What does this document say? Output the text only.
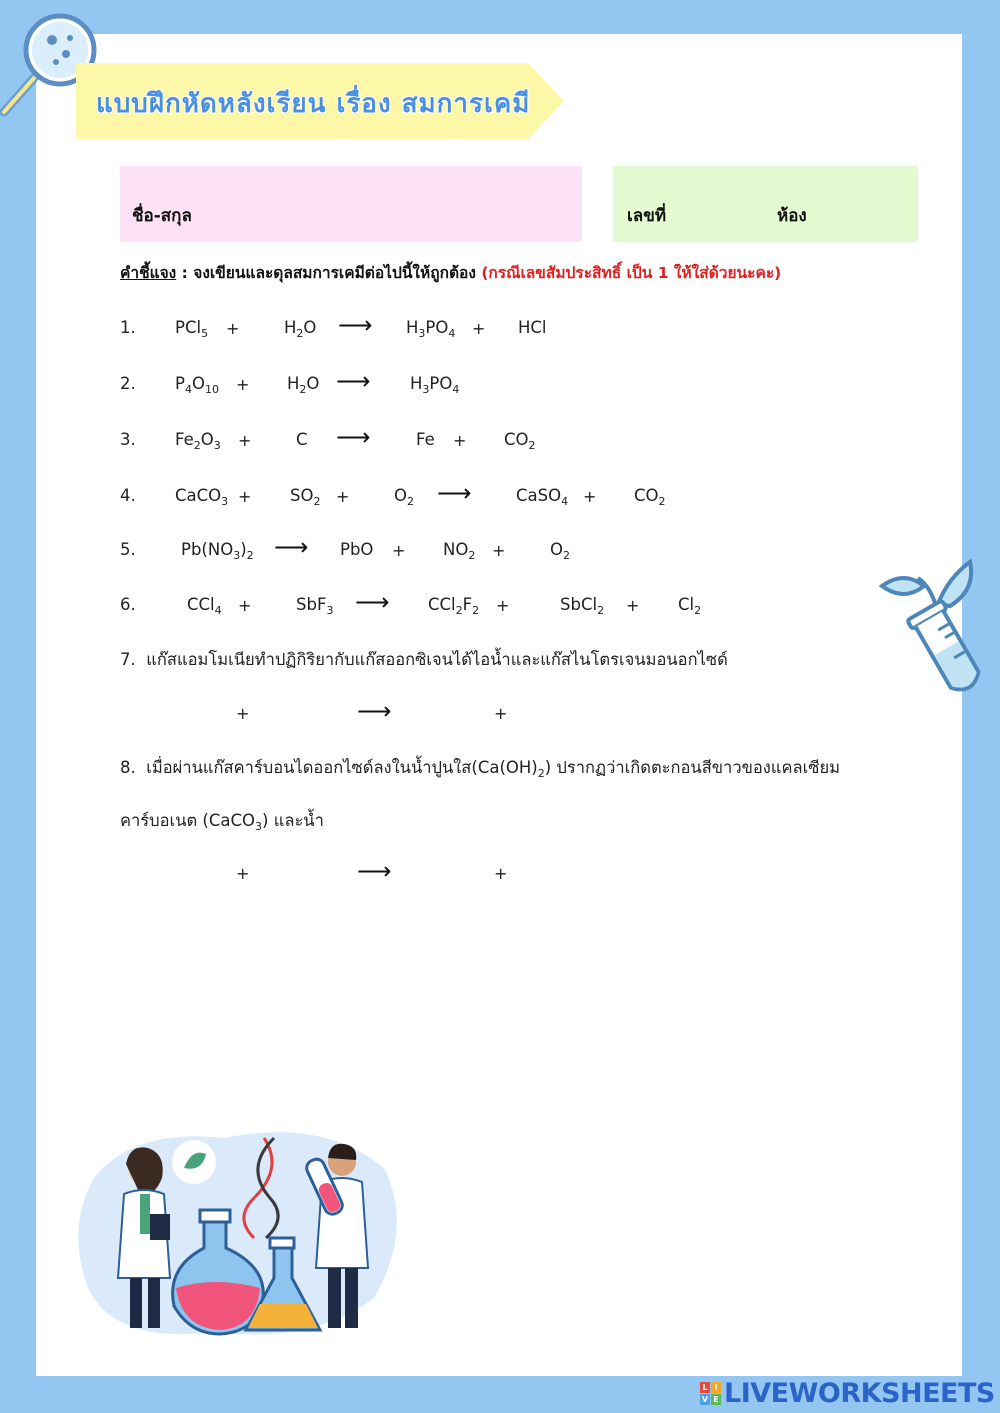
แบบฝึกหัดหลังเรียน เรื่อง สมการเคมี
ชื่อ-สกุล	เลขที่	ห้อง
คำชี้แจง : จงเขียนและดุลสมการเคมีต่อไปนี้ให้ถูกต้อง (กรณีเลขสัมประสิทธิ์ เป็น 1 ให้ใส่ด้วยนะคะ)
1. PCl$_5$ +	$H_2O$ ⟶ $H_3PO_4$ + HCl
2. $P_4O_{10} + H_2O$ ⟶ $H_3PO_4$
3. $Fe_2O_3$ +	C ⟶	$Fe + CO_2$
4. CaCO$_3$ + $SO_2$ +	$O_2$ ⟶	CaSO$_4$ + $CO_2$
5.	$Pb(NO_3)_2$ ⟶ PbO + $NO_2$ +	$O_2$
6.	CCl$_4$ +	SbF$_3$ ⟶ $CCl_2F_2$ +	SbCl$_2$ + $Cl_2$
7. แก๊สแอมโมเนียทำปฏิกิริยากับแก๊สออกซิเจนได้ไอน้ำและแก๊สไนโตรเจนมอนอกไซด์
+	⟶	+
8. เมื่อผ่านแก๊สคาร์บอนไดออกไซด์ลงในน้ำปูนใส$(Ca(OH)_2)$ ปรากฏว่าเกิดตะกอนสีขาวของแคลเซียม
คาร์บอเนต (CaCO$_3$) และน้ำ
+	⟶	+
L I
V E LIVEWORKSHEETS
